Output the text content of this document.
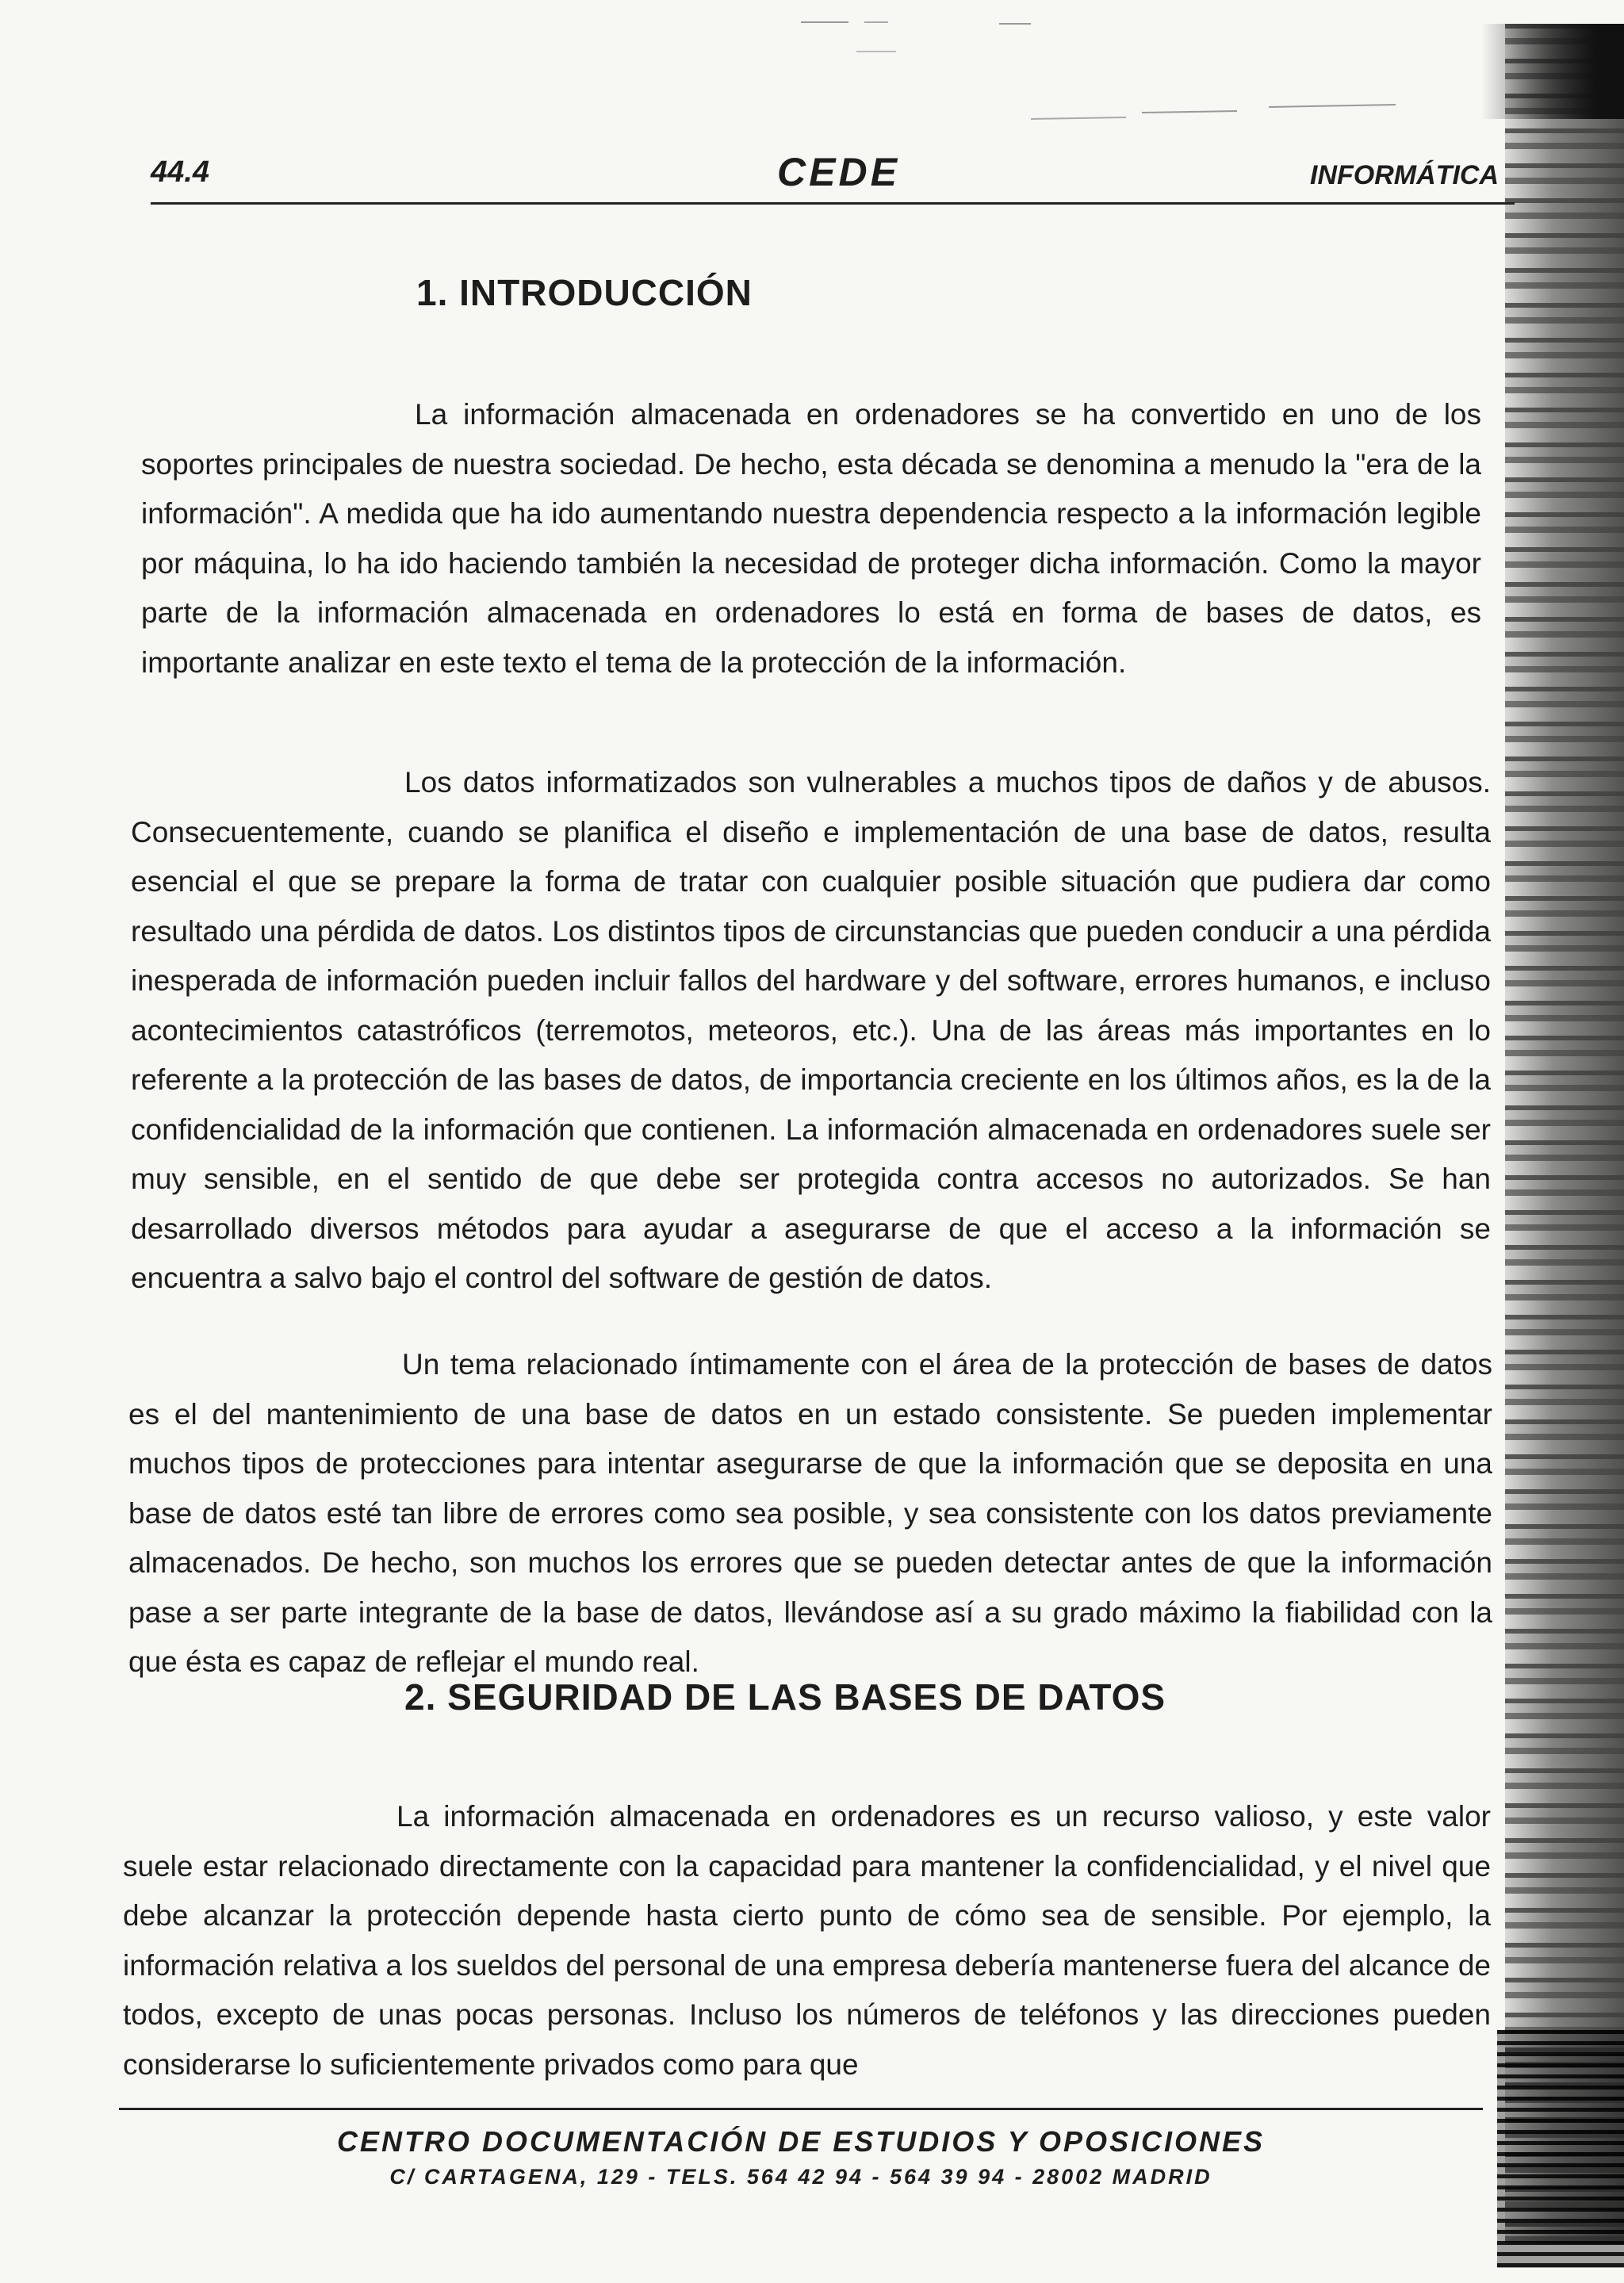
44.4	CEDE	INFORMÁTICA
1. INTRODUCCIÓN

La información almacenada en ordenadores se ha convertido en uno de los soportes principales de nuestra sociedad. De hecho, esta década se denomina a menudo la "era de la información". A medida que ha ido aumentando nuestra dependencia respecto a la información legible por máquina, lo ha ido haciendo también la necesidad de proteger dicha información. Como la mayor parte de la información almacenada en ordenadores lo está en forma de bases de datos, es importante analizar en este texto el tema de la protección de la información.

Los datos informatizados son vulnerables a muchos tipos de daños y de abusos. Consecuentemente, cuando se planifica el diseño e implementación de una base de datos, resulta esencial el que se prepare la forma de tratar con cualquier posible situación que pudiera dar como resultado una pérdida de datos. Los distintos tipos de circunstancias que pueden conducir a una pérdida inesperada de información pueden incluir fallos del hardware y del software, errores humanos, e incluso acontecimientos catastróficos (terremotos, meteoros, etc.). Una de las áreas más importantes en lo referente a la protección de las bases de datos, de importancia creciente en los últimos años, es la de la confidencialidad de la información que contienen. La información almacenada en ordenadores suele ser muy sensible, en el sentido de que debe ser protegida contra accesos no autorizados. Se han desarrollado diversos métodos para ayudar a asegurarse de que el acceso a la información se encuentra a salvo bajo el control del software de gestión de datos.

Un tema relacionado íntimamente con el área de la protección de bases de datos es el del mantenimiento de una base de datos en un estado consistente. Se pueden implementar muchos tipos de protecciones para intentar asegurarse de que la información que se deposita en una base de datos esté tan libre de errores como sea posible, y sea consistente con los datos previamente almacenados. De hecho, son muchos los errores que se pueden detectar antes de que la información pase a ser parte integrante de la base de datos, llevándose así a su grado máximo la fiabilidad con la que ésta es capaz de reflejar el mundo real.

2. SEGURIDAD DE LAS BASES DE DATOS

La información almacenada en ordenadores es un recurso valioso, y este valor suele estar relacionado directamente con la capacidad para mantener la confidencialidad, y el nivel que debe alcanzar la protección depende hasta cierto punto de cómo sea de sensible. Por ejemplo, la información relativa a los sueldos del personal de una empresa debería mantenerse fuera del alcance de todos, excepto de unas pocas personas. Incluso los números de teléfonos y las direcciones pueden considerarse lo suficientemente privados como para que

CENTRO DOCUMENTACIÓN DE ESTUDIOS Y OPOSICIONES
C/ CARTAGENA, 129 - TELS. 564 42 94 - 564 39 94 - 28002 MADRID
